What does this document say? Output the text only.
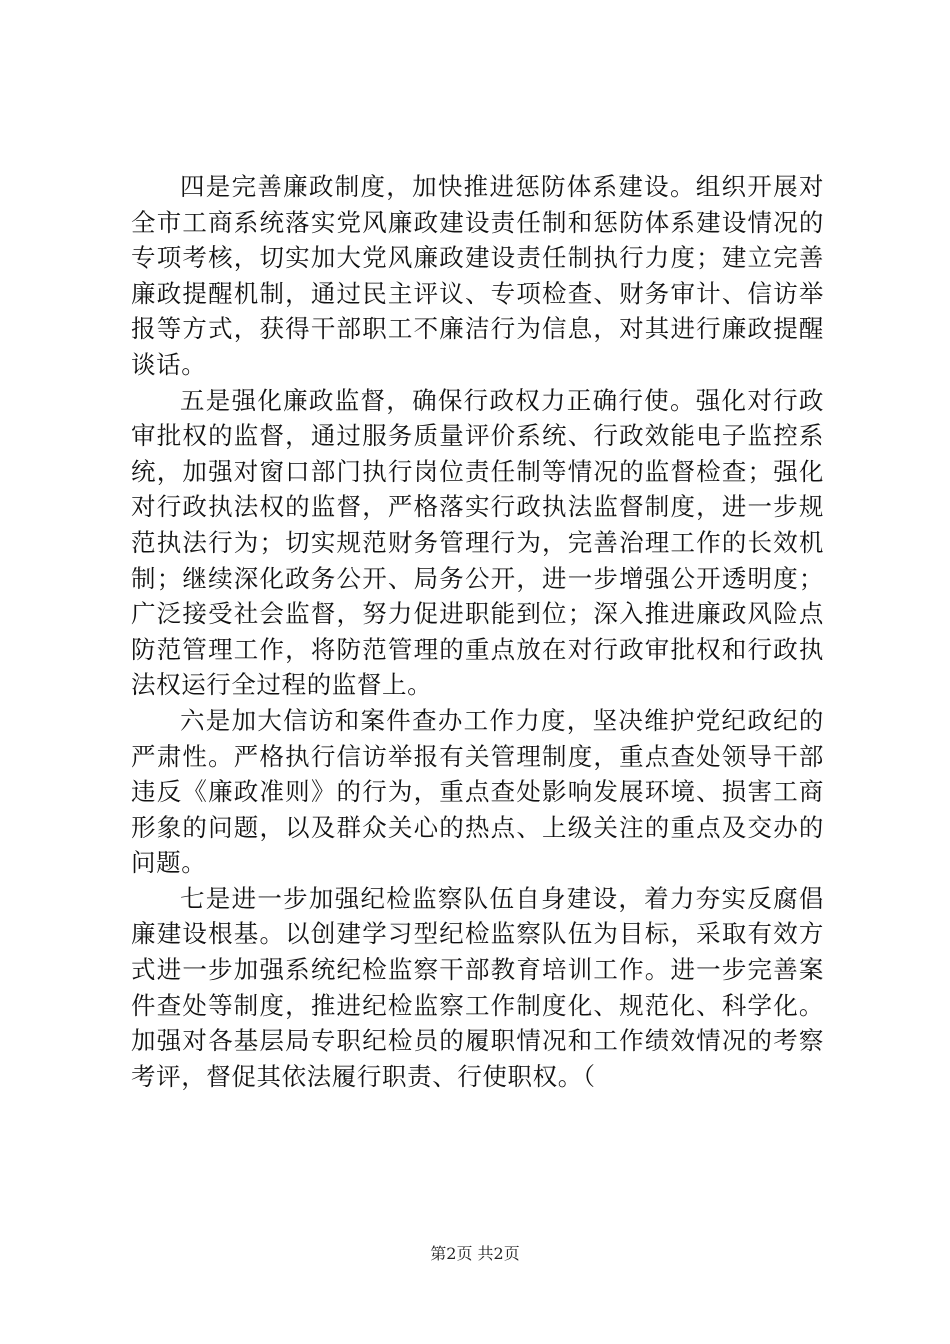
四是完善廉政制度，加快推进惩防体系建设。组织开展对全市工商系统落实党风廉政建设责任制和惩防体系建设情况的专项考核，切实加大党风廉政建设责任制执行力度；建立完善廉政提醒机制，通过民主评议、专项检查、财务审计、信访举报等方式，获得干部职工不廉洁行为信息，对其进行廉政提醒谈话。

五是强化廉政监督，确保行政权力正确行使。强化对行政审批权的监督，通过服务质量评价系统、行政效能电子监控系统，加强对窗口部门执行岗位责任制等情况的监督检查；强化对行政执法权的监督，严格落实行政执法监督制度，进一步规范执法行为；切实规范财务管理行为，完善治理工作的长效机制；继续深化政务公开、局务公开，进一步增强公开透明度；广泛接受社会监督，努力促进职能到位；深入推进廉政风险点防范管理工作，将防范管理的重点放在对行政审批权和行政执法权运行全过程的监督上。

六是加大信访和案件查办工作力度，坚决维护党纪政纪的严肃性。严格执行信访举报有关管理制度，重点查处领导干部违反《廉政准则》的行为，重点查处影响发展环境、损害工商形象的问题，以及群众关心的热点、上级关注的重点及交办的问题。

七是进一步加强纪检监察队伍自身建设，着力夯实反腐倡廉建设根基。以创建学习型纪检监察队伍为目标，采取有效方式进一步加强系统纪检监察干部教育培训工作。进一步完善案件查处等制度，推进纪检监察工作制度化、规范化、科学化。加强对各基层局专职纪检员的履职情况和工作绩效情况的考察考评，督促其依法履行职责、行使职权。（

第2页 共2页
